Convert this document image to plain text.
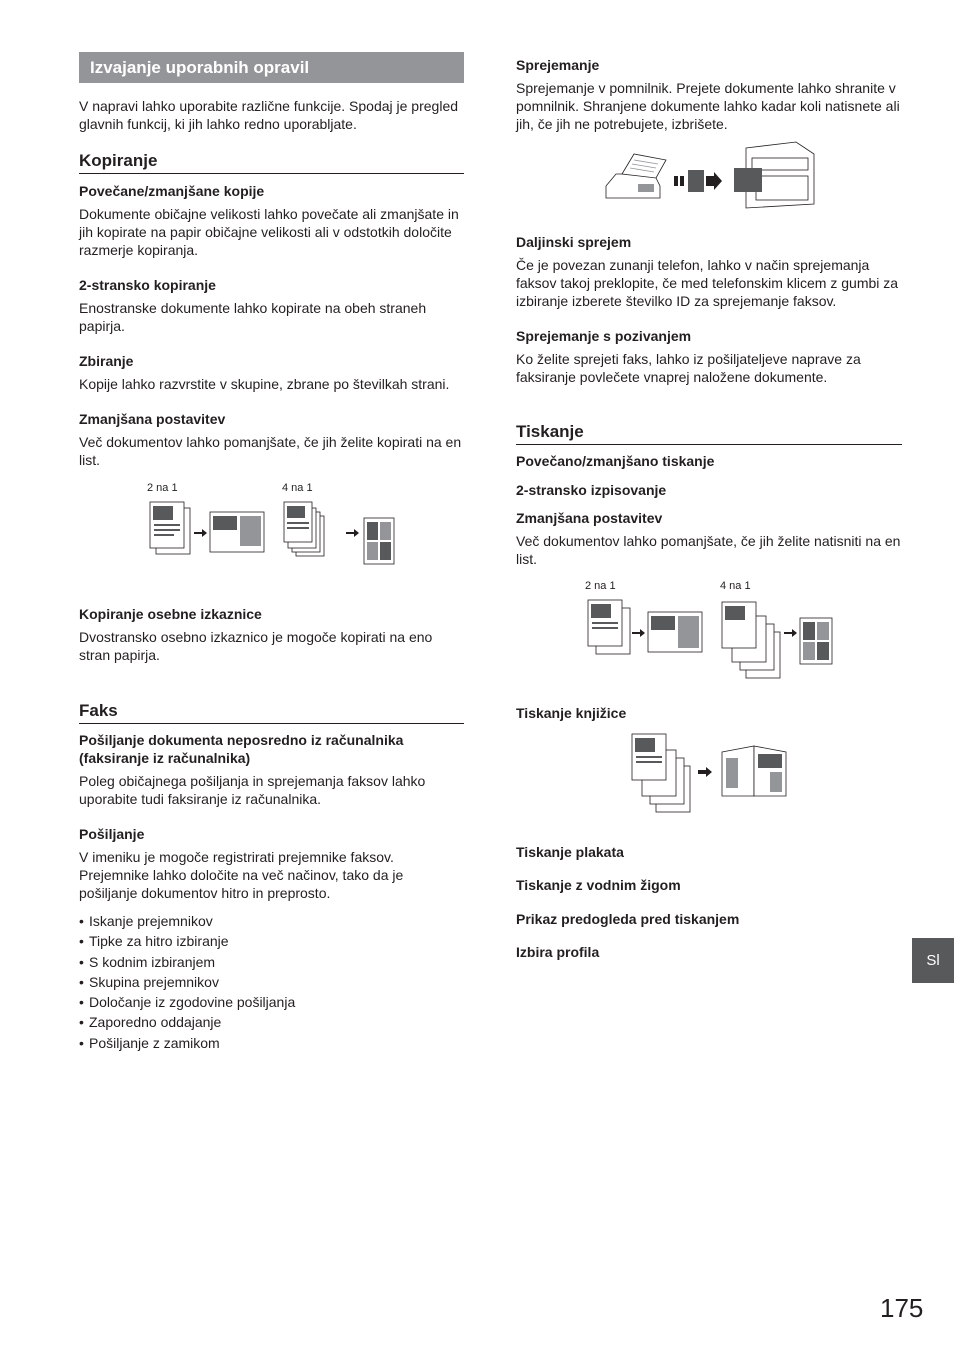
Izvajanje uporabnih opravil

V napravi lahko uporabite različne funkcije. Spodaj je pregled glavnih funkcij, ki jih lahko redno uporabljate.

Kopiranje

Povečane/zmanjšane kopije

Dokumente običajne velikosti lahko povečate ali zmanjšate in jih kopirate na papir običajne velikosti ali v odstotkih določite razmerje kopiranja.

2-stransko kopiranje

Enostranske dokumente lahko kopirate na obeh straneh papirja.

Zbiranje

Kopije lahko razvrstite v skupine, zbrane po številkah strani.

Zmanjšana postavitev

Več dokumentov lahko pomanjšate, če jih želite kopirati na en list.

2 na 1	4 na 1

Kopiranje osebne izkaznice

Dvostransko osebno izkaznico je mogoče kopirati na eno stran papirja.

Faks

Pošiljanje dokumenta neposredno iz računalnika (faksiranje iz računalnika)

Poleg običajnega pošiljanja in sprejemanja faksov lahko uporabite tudi faksiranje iz računalnika.

Pošiljanje

V imeniku je mogoče registrirati prejemnike faksov. Prejemnike lahko določite na več načinov, tako da je pošiljanje dokumentov hitro in preprosto.

• Iskanje prejemnikov
• Tipke za hitro izbiranje
• S kodnim izbiranjem
• Skupina prejemnikov
• Določanje iz zgodovine pošiljanja
• Zaporedno oddajanje
• Pošiljanje z zamikom

Sprejemanje

Sprejemanje v pomnilnik. Prejete dokumente lahko shranite v pomnilnik. Shranjene dokumente lahko kadar koli natisnete ali jih, če jih ne potrebujete, izbrišete.

Daljinski sprejem

Če je povezan zunanji telefon, lahko v način sprejemanja faksov takoj preklopite, če med telefonskim klicem z gumbi za izbiranje izberete številko ID za sprejemanje faksov.

Sprejemanje s pozivanjem

Ko želite sprejeti faks, lahko iz pošiljateljeve naprave za faksiranje povlečete vnaprej naložene dokumente.

Tiskanje

Povečano/zmanjšano tiskanje

2-stransko izpisovanje

Zmanjšana postavitev

Več dokumentov lahko pomanjšate, če jih želite natisniti na en list.

2 na 1	4 na 1

Tiskanje knjižice

Tiskanje plakata

Tiskanje z vodnim žigom

Prikaz predogleda pred tiskanjem

Izbira profila	Sl
175
